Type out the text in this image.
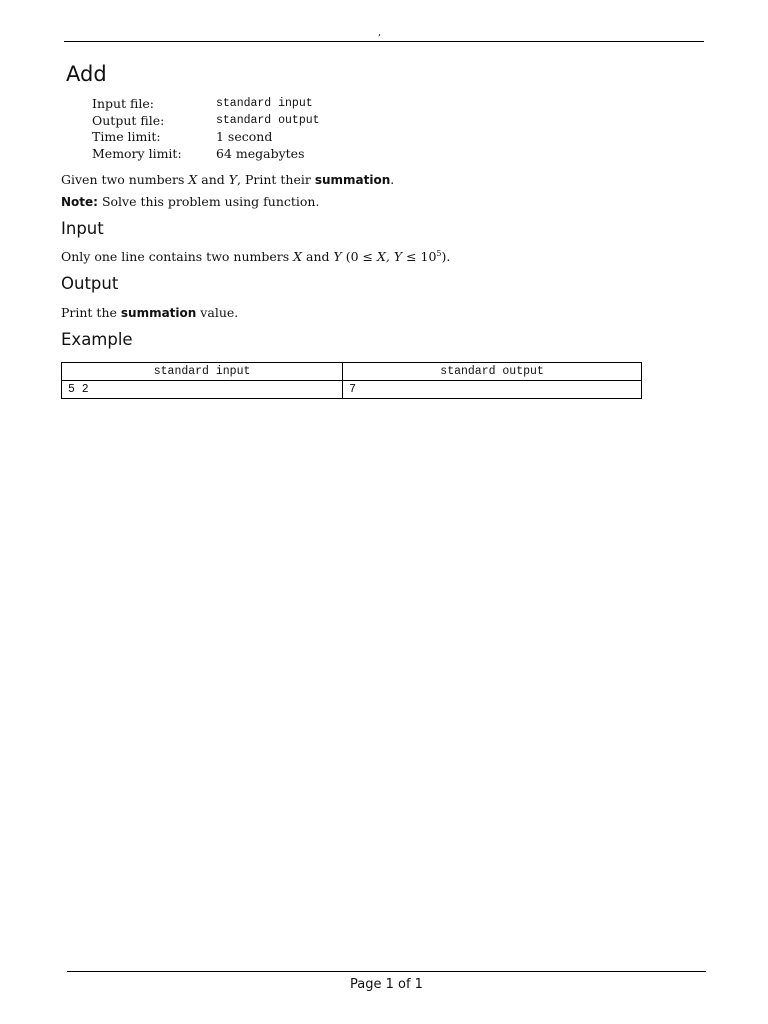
,
Add
Input file:	standard input
Output file:	standard output
Time limit:	1 second
Memory limit:	64 megabytes

Given two numbers X and Y, Print their summation.

Note: Solve this problem using function.

Input

Only one line contains two numbers X and Y (0 ≤ X, $Y \le 10^5$).

Output

Print the summation value.

Example
standard input	standard output
5 2	7
Page 1 of 1
